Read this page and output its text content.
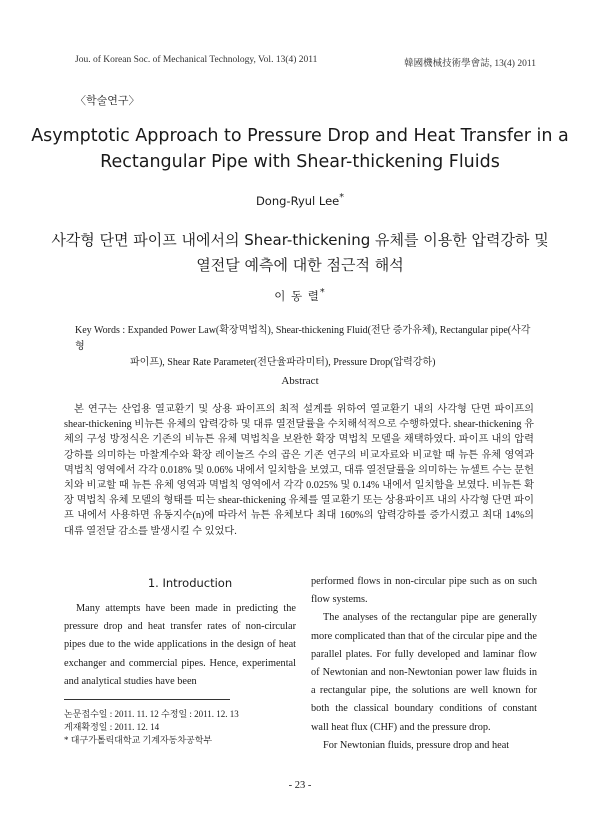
Jou. of Korean Soc. of Mechanical Technology, Vol. 13(4) 2011	韓國機械技術學會誌, 13(4) 2011
〈학술연구〉
Asymptotic Approach to Pressure Drop and Heat Transfer in a
Rectangular Pipe with Shear-thickening Fluids
Dong-Ryul Lee*
사각형 단면 파이프 내에서의 Shear-thickening 유체를 이용한 압력강하 및
열전달 예측에 대한 점근적 해석
이 동 렬*
Key Words : Expanded Power Law(확장멱법칙), Shear-thickening Fluid(전단 증가유체), Rectangular pipe(사각형
파이프), Shear Rate Parameter(전단율파라미터), Pressure Drop(압력강하)
Abstract

본 연구는 산업용 열교환기 및 상용 파이프의 최적 설계를 위하여 열교환기 내의 사각형 단면 파이프의 shear-thickening 비뉴튼 유체의 압력강하 및 대류 열전달률을 수치해석적으로 수행하였다. shear-thickening 유체의 구성 방정식은 기존의 비뉴튼 유체 멱법칙을 보완한 확장 멱법칙 모델을 채택하였다. 파이프 내의 압력강하를 의미하는 마찰계수와 확장 레이놀즈 수의 곱은 기존 연구의 비교자료와 비교할 때 뉴튼 유체 영역과 멱법칙 영역에서 각각 0.018% 및 0.06% 내에서 일치함을 보였고, 대류 열전달률을 의미하는 뉴셀트 수는 문헌치와 비교할 때 뉴튼 유체 영역과 멱법칙 영역에서 각각 0.025% 및 0.14% 내에서 일치함을 보였다. 비뉴튼 확장 멱법칙 유체 모델의 형태를 띠는 shear-thickening 유체를 열교환기 또는 상용파이프 내의 사각형 단면 파이프 내에서 사용하면 유동지수(n)에 따라서 뉴튼 유체보다 최대 160%의 압력강하를 증가시켰고 최대 14%의 대류 열전달 감소를 발생시킬 수 있었다.

1. Introduction

Many attempts have been made in predicting the pressure drop and heat transfer rates of non-circular pipes due to the wide applications in the design of heat exchanger and commercial pipes. Hence, experimental and analytical studies have been

논문접수일 : 2011. 11. 12 수정일 : 2011. 12. 13
게재확정일 : 2011. 12. 14
* 대구가톨릭대학교 기계자동차공학부

performed flows in non-circular pipe such as on such flow systems.

The analyses of the rectangular pipe are generally more complicated than that of the circular pipe and the parallel plates. For fully developed and laminar flow of Newtonian and non-Newtonian power law fluids in a rectangular pipe, the solutions are well known for both the classical boundary conditions of constant wall heat flux (CHF) and the pressure drop.

For Newtonian fluids, pressure drop and heat

- 23 -
